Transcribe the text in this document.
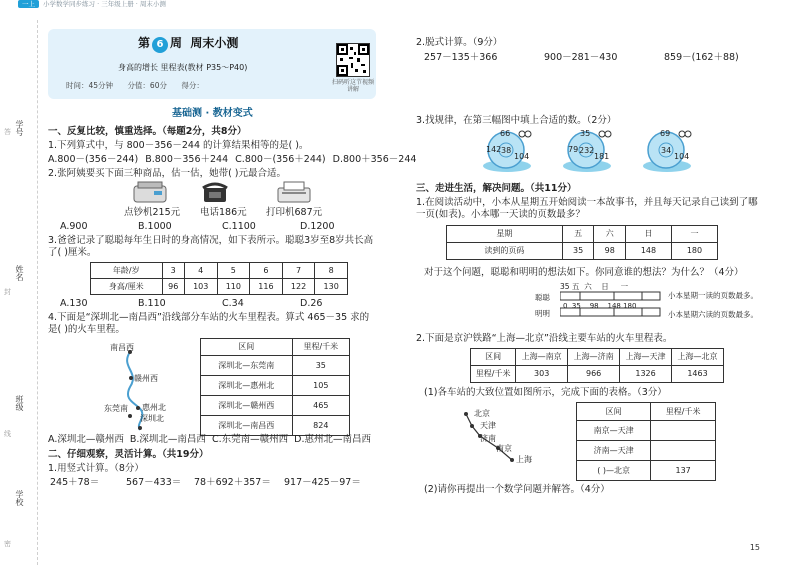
一上 小学数学同步练习 · 三年级上册 · 周末小测
学号
姓名
班级
学校
答
封
线
密
第 6 周 周末小测
身高的增长 里程表(教材 P35～P40)
时间：45分钟 分值：60分 得分：	扫码听这节视频讲解
基础测 · 教材变式
一、反复比较，慎重选择。（每题2分，共8分）
1.下列算式中，与 800－356－244 的计算结果相等的是( )。
A.800－(356－244) B.800－356＋244 C.800－(356＋244) D.800＋356－244
2.张阿姨要买下面三种商品，估一估，她带( )元最合适。
点钞机215元 电话186元 打印机687元
A.900	B.1000	C.1100	D.1200
3.爸爸记录了聪聪每年生日时的身高情况，如下表所示。聪聪3岁至8岁共长高了( )厘米。
年龄/岁	3	4	5	6	7	8
身高/厘米	96	103	110	116	122	130
A.130	B.110	C.34	D.26
4.下面是“深圳北—南昌西”沿线部分车站的火车里程表。算式 465－35 求的是( )的火车里程。
南昌西
赣州西
惠州北
东莞南
深圳北
区间	里程/千米
深圳北—东莞南	35
深圳北—惠州北	105
深圳北—赣州西	465
深圳北—南昌西	824
A.深圳北—赣州西 B.深圳北—南昌西 C.东莞南—赣州西 D.惠州北—南昌西
二、仔细观察，灵活计算。（共19分）
1.用竖式计算。（8分）
245＋78＝	567－433＝ 78＋692＋357＝ 917－425－97＝
2.脱式计算。（9分）
257－135＋366	900－281－430	859－(162＋88)
3.找规律，在第三幅图中填上合适的数。（2分）
66
142 38
104
35
79 232
181
69
34
104
三、走进生活，解决问题。（共11分）
1.在阅读活动中，小本从星期五开始阅读一本故事书，并且每天记录自己读到了哪一页(如表)。小本哪一天读的页数最多？
星期	五	六	日	一
读到的页码	35	98	148	180
对于这个问题，聪聪和明明的想法如下。你同意谁的想法？为什么？（4分）
35 五  六    日     一
聪聪
明明
0  35    98    148 180
小本星期一读的页数最多。
小本星期六读的页数最多。
2.下面是京沪铁路“上海—北京”沿线主要车站的火车里程表。
区间	上海—南京	上海—济南	上海—天津	上海—北京
里程/千米	303	966	1326	1463
(1)各车站的大致位置如图所示，完成下面的表格。（3分）
北京
天津
济南
南京
上海
区间	里程/千米
南京—天津	
济南—天津	
( )—北京	137
(2)请你再提出一个数学问题并解答。（4分）
15
